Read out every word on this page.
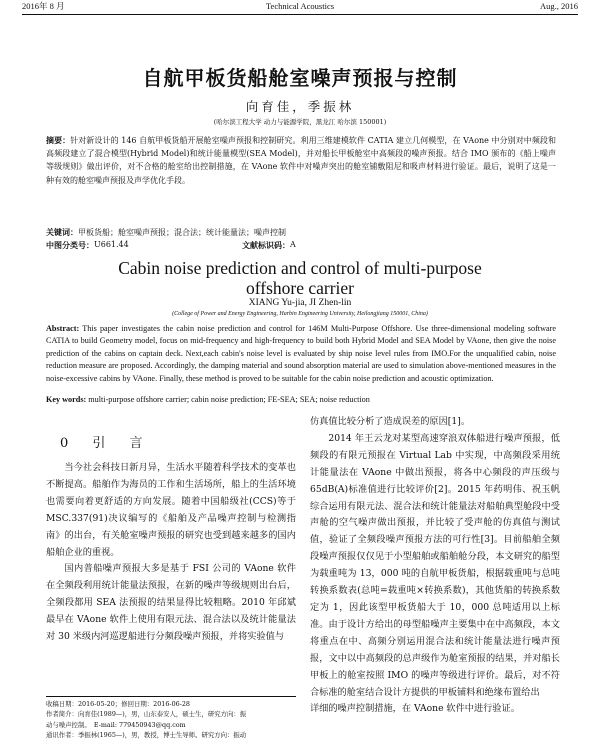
2016年 8 月	Technical Acoustics	Aug., 2016
自航甲板货船舱室噪声预报与控制
向育佳，季振林
(哈尔滨工程大学 动力与能源学院，黑龙江 哈尔滨 150001)
摘要：针对新设计的 146 自航甲板货船开展舱室噪声预报和控制研究。利用三维建模软件 CATIA 建立几何模型，在 VAone 中分别对中频段和高频段建立了混合模型(Hybrid Model)和统计能量模型(SEA Model)，并对船长甲板舱室中高频段的噪声预报。结合 IMO 颁布的《船上噪声等级规则》做出评价，对不合格的舱室给出控制措施，在 VAone 软件中对噪声突出的舱室铺敷阻尼和吸声材料进行验证。最后，说明了这是一种有效的舱室噪声预报及声学优化手段。
关键词：甲板货船；舱室噪声预报；混合法；统计能量法；噪声控制
中图分类号： U661.44	文献标识码： A
Cabin noise prediction and control of multi-purpose
offshore carrier
XIANG Yu-jia, JI Zhen-lin
(College of Power and Energy Engineering, Harbin Engineering University, Heilongjiang 150001, China)
Abstract: This paper investigates the cabin noise prediction and control for 146M Multi-Purpose Offshore. Use three-dimensional modeling software CATIA to build Geometry model, focus on mid-frequency and high-frequency to build both Hybrid Model and SEA Model by VAone, then give the noise prediction of the cabins on captain deck. Next,each cabin's noise level is evaluated by ship noise level rules from IMO.For the unqualified cabin, noise reduction measure are proposed. Accordingly, the damping material and sound absorption material are used to simulation above-mentioned measures in the noise-excessive cabins by VAone. Finally, these method is proved to be suitable for the cabin noise prediction and acoustic optimization.
Key words: multi-purpose offshore carrier; cabin noise prediction; FE-SEA; SEA; noise reduction
0 引 言

当今社会科技日新月异，生活水平随着科学技术的变革也不断提高。船舶作为海员的工作和生活场所，船上的生活环境也需要向着更舒适的方向发展。随着中国船级社(CCS)等于 MSC.337(91)决议编写的《船舶及产品噪声控制与检测指南》的出台，有关舱室噪声预报的研究也受到越来越多的国内船舶企业的重视。

国内普船噪声预报大多是基于 FSI 公司的 VAone 软件在全频段利用统计能量法预报，在新的噪声等级规则出台后，全频段都用 SEA 法预报的结果显得比较粗略。2010 年邱斌最早在 VAone 软件上使用有限元法、混合法以及统计能量法对 30 米级内河巡逻船进行分频段噪声预报，并将实验值与

仿真值比较分析了造成误差的原因[1]。

2014 年王云龙对某型高速穿浪双体船进行噪声预报，低频段的有限元预报在 Virtual Lab 中实现，中高频段采用统计能量法在 VAone 中做出预报，将各中心频段的声压级与 65dB(A)标准值进行比较评价[2]。2015 年药明伟、祝玉帆综合运用有限元法、混合法和统计能量法对船舶典型舱段中受声舱的空气噪声做出预报，并比较了受声舱的仿真值与测试值，验证了全频段噪声预报方法的可行性[3]。目前船舶全频段噪声预报仅仅见于小型船舶或船舶舱分段，本文研究的船型为载重吨为 13，000 吨的自航甲板货船，根据载重吨与总吨转换系数表(总吨=载重吨×转换系数)，其他货船的转换系数定为 1，因此该型甲板货船大于 10，000 总吨适用以上标准。由于设计方给出的母型船噪声主要集中在中高频段，本文将重点在中、高频分别运用混合法和统计能量法进行噪声预报，文中以中高频段的总声级作为舱室预报的结果，并对船长甲板上的舱室按照 IMO 的噪声等级进行评价。最后，对不符合标准的舱室结合设计方提供的甲板铺料和绝缘布置给出

详细的噪声控制措施，在 VAone 软件中进行验证。

收稿日期：2016-05-20；修回日期：2016-06-28
作者简介：向育佳(1989—)，男，山东泰安人，硕士生，研究方向：振
动与噪声控制。　E-mail: 779450943@qq.com
通讯作者：季振林(1965—)，男，教授，博士生导师。研究方向：振动
